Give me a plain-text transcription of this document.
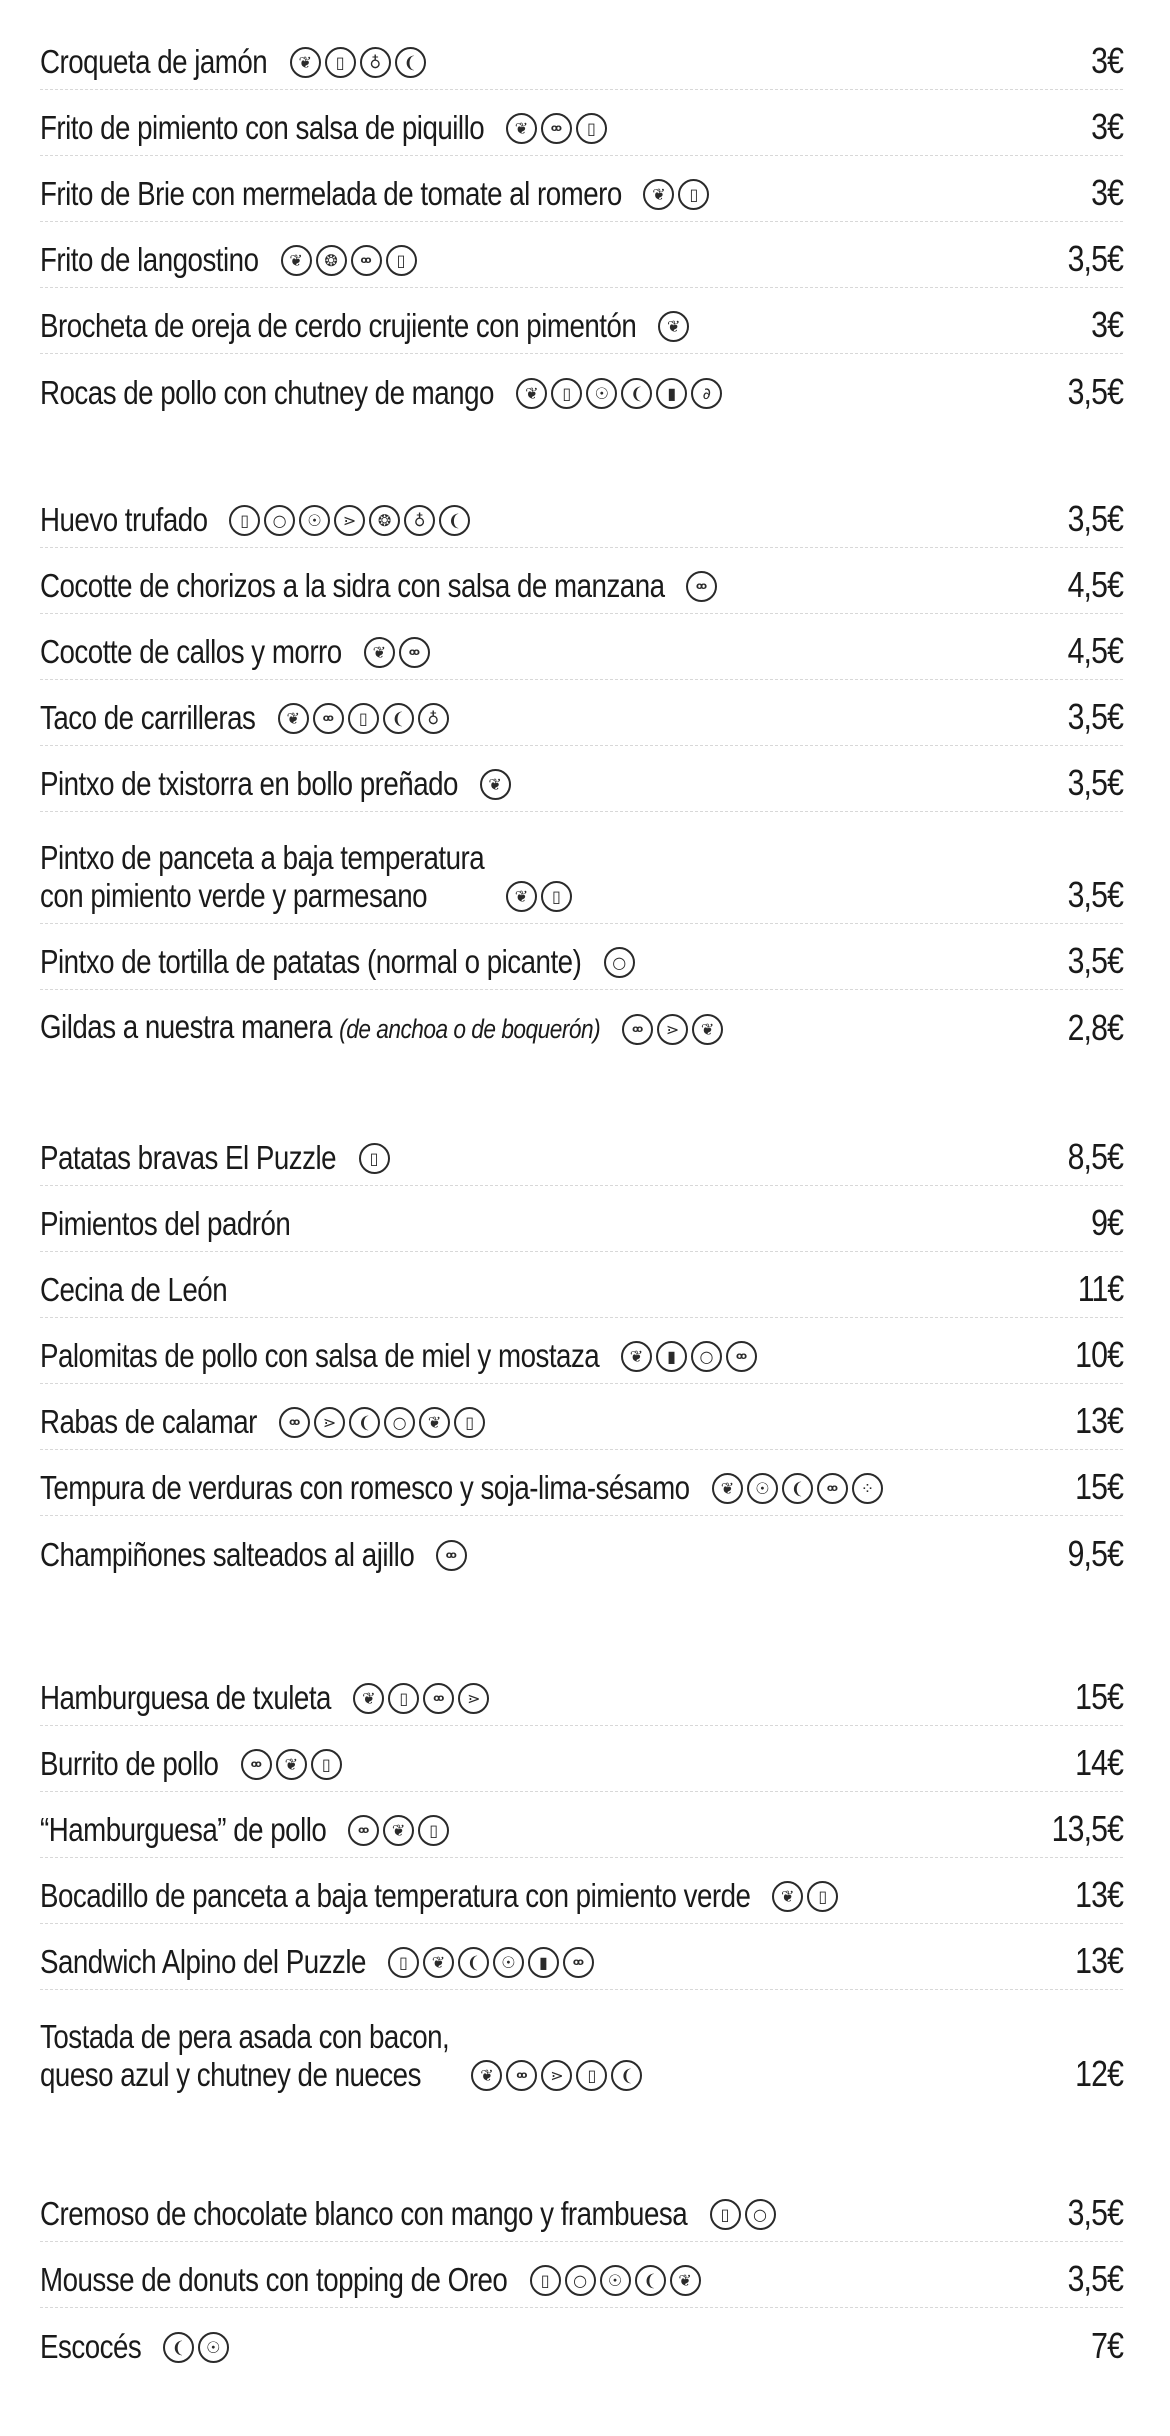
Croqueta de jamón	❦	▯	♁	❨	3€
Frito de pimiento con salsa de piquillo	❦	ꝏ	▯	3€
Frito de Brie con mermelada de tomate al romero	❦	▯	3€
Frito de langostino	❦	❂	ꝏ	▯	3,5€
Brocheta de oreja de cerdo crujiente con pimentón	❦	3€
Rocas de pollo con chutney de mango	❦	▯	☉	❨	▮	∂	3,5€
Huevo trufado	▯	○	☉	⋗	❂	♁	❨	3,5€
Cocotte de chorizos a la sidra con salsa de manzana	ꝏ	4,5€
Cocotte de callos y morro	❦	ꝏ	4,5€
Taco de carrilleras	❦	ꝏ	▯	❨	♁	3,5€
Pintxo de txistorra en bollo preñado	❦	3,5€
Pintxo de panceta a baja temperatura
con pimiento verde y parmesano	❦	▯	3,5€
Pintxo de tortilla de patatas (normal o picante)	○	3,5€
Gildas a nuestra manera (de anchoa o de boquerón)	ꝏ	⋗	❦	2,8€
Patatas bravas El Puzzle	▯	8,5€
Pimientos del padrón	9€
Cecina de León	11€
Palomitas de pollo con salsa de miel y mostaza	❦	▮	○	ꝏ	10€
Rabas de calamar	ꝏ	⋗	❨	○	❦	▯	13€
Tempura de verduras con romesco y soja-lima-sésamo	❦	☉	❨	ꝏ	⁘	15€
Champiñones salteados al ajillo	ꝏ	9,5€
Hamburguesa de txuleta	❦	▯	ꝏ	⋗	15€
Burrito de pollo	ꝏ	❦	▯	14€
“Hamburguesa” de pollo	ꝏ	❦	▯	13,5€
Bocadillo de panceta a baja temperatura con pimiento verde	❦	▯	13€
Sandwich Alpino del Puzzle	▯	❦	❨	☉	▮	ꝏ	13€
Tostada de pera asada con bacon,
queso azul y chutney de nueces	❦	ꝏ	⋗	▯	❨	12€
Cremoso de chocolate blanco con mango y frambuesa	▯	○	3,5€
Mousse de donuts con topping de Oreo	▯	○	☉	❨	❦	3,5€
Escocés	❨	☉	7€
